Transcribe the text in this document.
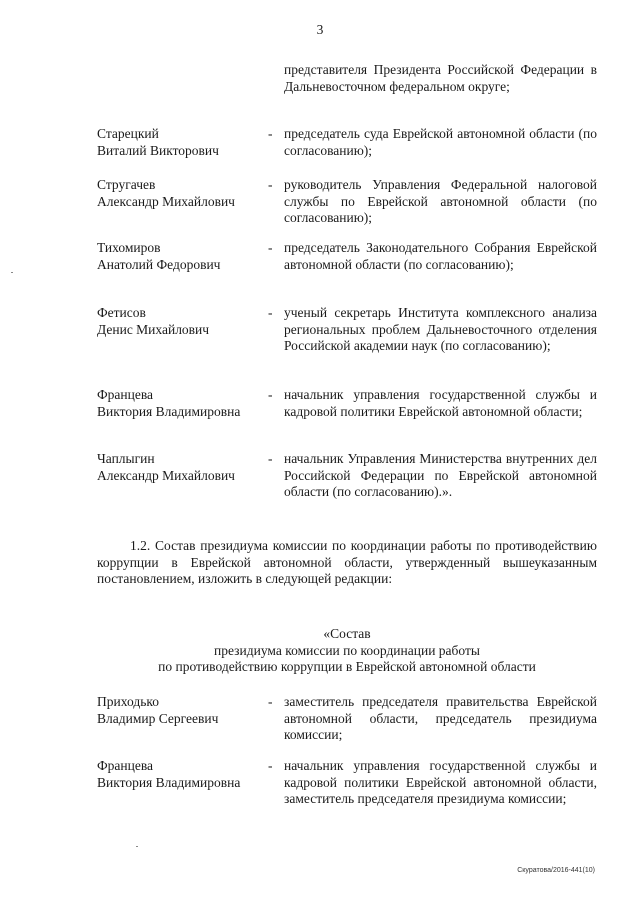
3
представителя Президента Российской Федерации в Дальневосточном федеральном округе;
Старецкий
Виталий Викторович
- председатель суда Еврейской автономной области (по согласованию);
Стругачев
Александр Михайлович
- руководитель Управления Федеральной налоговой службы по Еврейской автономной области (по согласованию);
Тихомиров
Анатолий Федорович
- председатель Законодательного Собрания Еврейской автономной области (по согласованию);
Фетисов
Денис Михайлович
- ученый секретарь Института комплексного анализа региональных проблем Дальневосточного отделения Российской академии наук (по согласованию);
Францева
Виктория Владимировна
- начальник управления государственной службы и кадровой политики Еврейской автономной области;
Чаплыгин
Александр Михайлович
- начальник Управления Министерства внутренних дел Российской Федерации по Еврейской автономной области (по согласованию).».
1.2. Состав президиума комиссии по координации работы по противодействию коррупции в Еврейской автономной области, утвержденный вышеуказанным постановлением, изложить в следующей редакции:
«Состав
президиума комиссии по координации работы
по противодействию коррупции в Еврейской автономной области
Приходько
Владимир Сергеевич
- заместитель председателя правительства Еврейской автономной области, председатель президиума комиссии;
Францева
Виктория Владимировна
- начальник управления государственной службы и кадровой политики Еврейской автономной области, заместитель председателя президиума комиссии;
Скуратова/2016-441(10)
